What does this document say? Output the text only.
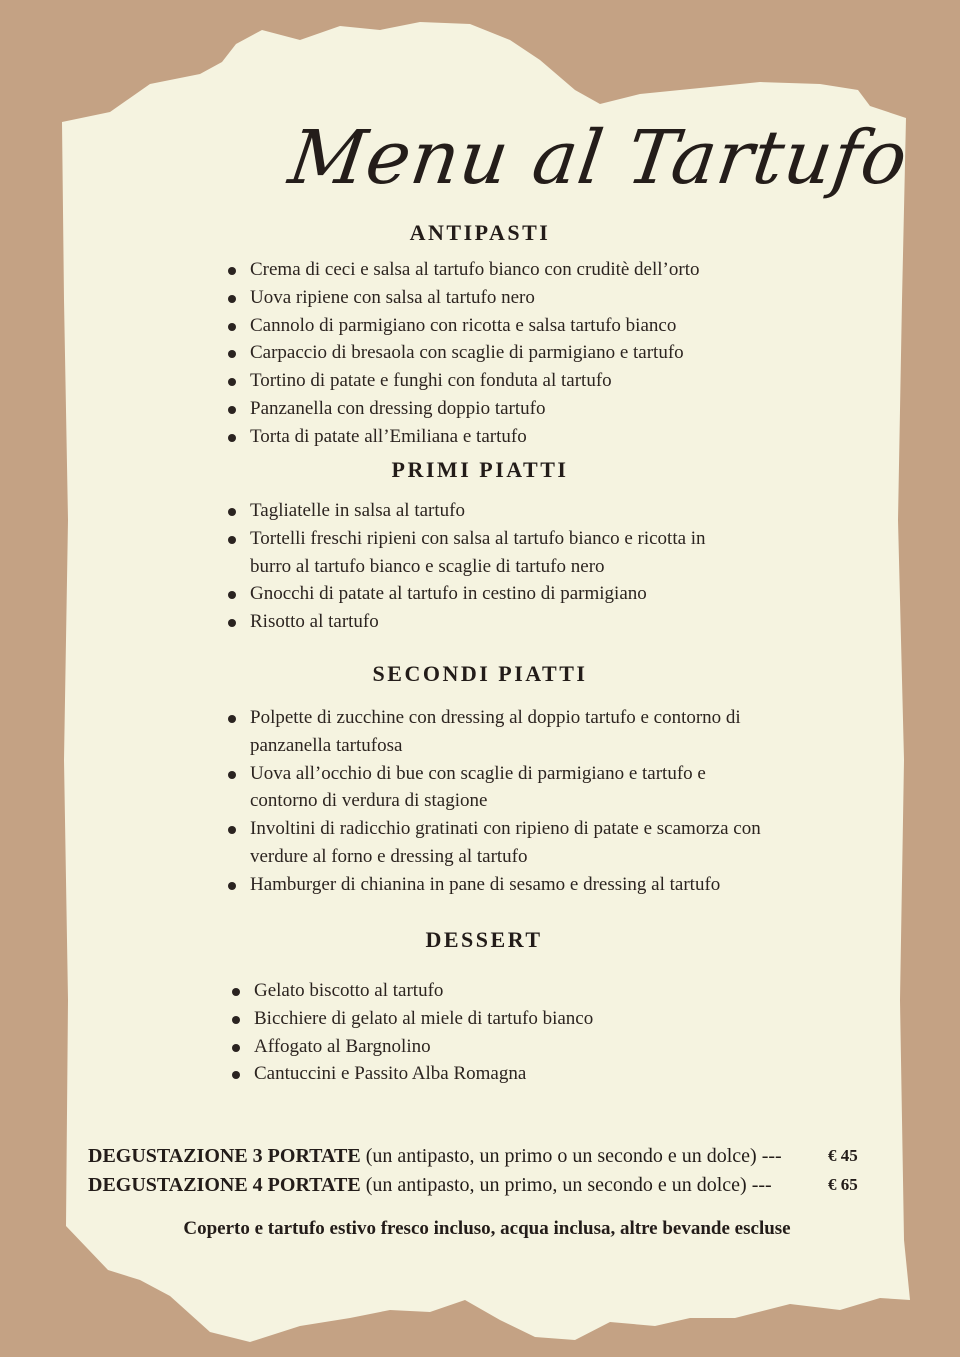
Menu al Tartufo
ANTIPASTI
Crema di ceci e salsa al tartufo bianco con cruditè dell’orto
Uova ripiene con salsa al tartufo nero
Cannolo di parmigiano con ricotta e salsa tartufo bianco
Carpaccio di bresaola con scaglie di parmigiano e tartufo
Tortino di patate e funghi con fonduta al tartufo
Panzanella con dressing doppio tartufo
Torta di patate all’Emiliana e tartufo
PRIMI PIATTI
Tagliatelle in salsa al tartufo
Tortelli freschi ripieni con salsa al tartufo bianco e ricotta in
burro al tartufo bianco e scaglie di tartufo nero
Gnocchi di patate al tartufo in cestino di parmigiano
Risotto al tartufo
SECONDI PIATTI
Polpette di zucchine con dressing al doppio tartufo e contorno di
panzanella tartufosa
Uova all’occhio di bue con scaglie di parmigiano e tartufo e
contorno di verdura di stagione
Involtini di radicchio gratinati con ripieno di patate e scamorza con
verdure al forno e dressing al tartufo
Hamburger di chianina in pane di sesamo e dressing al tartufo
DESSERT
Gelato biscotto al tartufo
Bicchiere di gelato al miele di tartufo bianco
Affogato al Bargnolino
Cantuccini e Passito Alba Romagna
DEGUSTAZIONE 3 PORTATE (un antipasto, un primo o un secondo e un dolce) ---	€ 45
DEGUSTAZIONE 4 PORTATE (un antipasto, un primo, un secondo e un dolce) ---	€ 65
Coperto e tartufo estivo fresco incluso, acqua inclusa, altre bevande escluse
